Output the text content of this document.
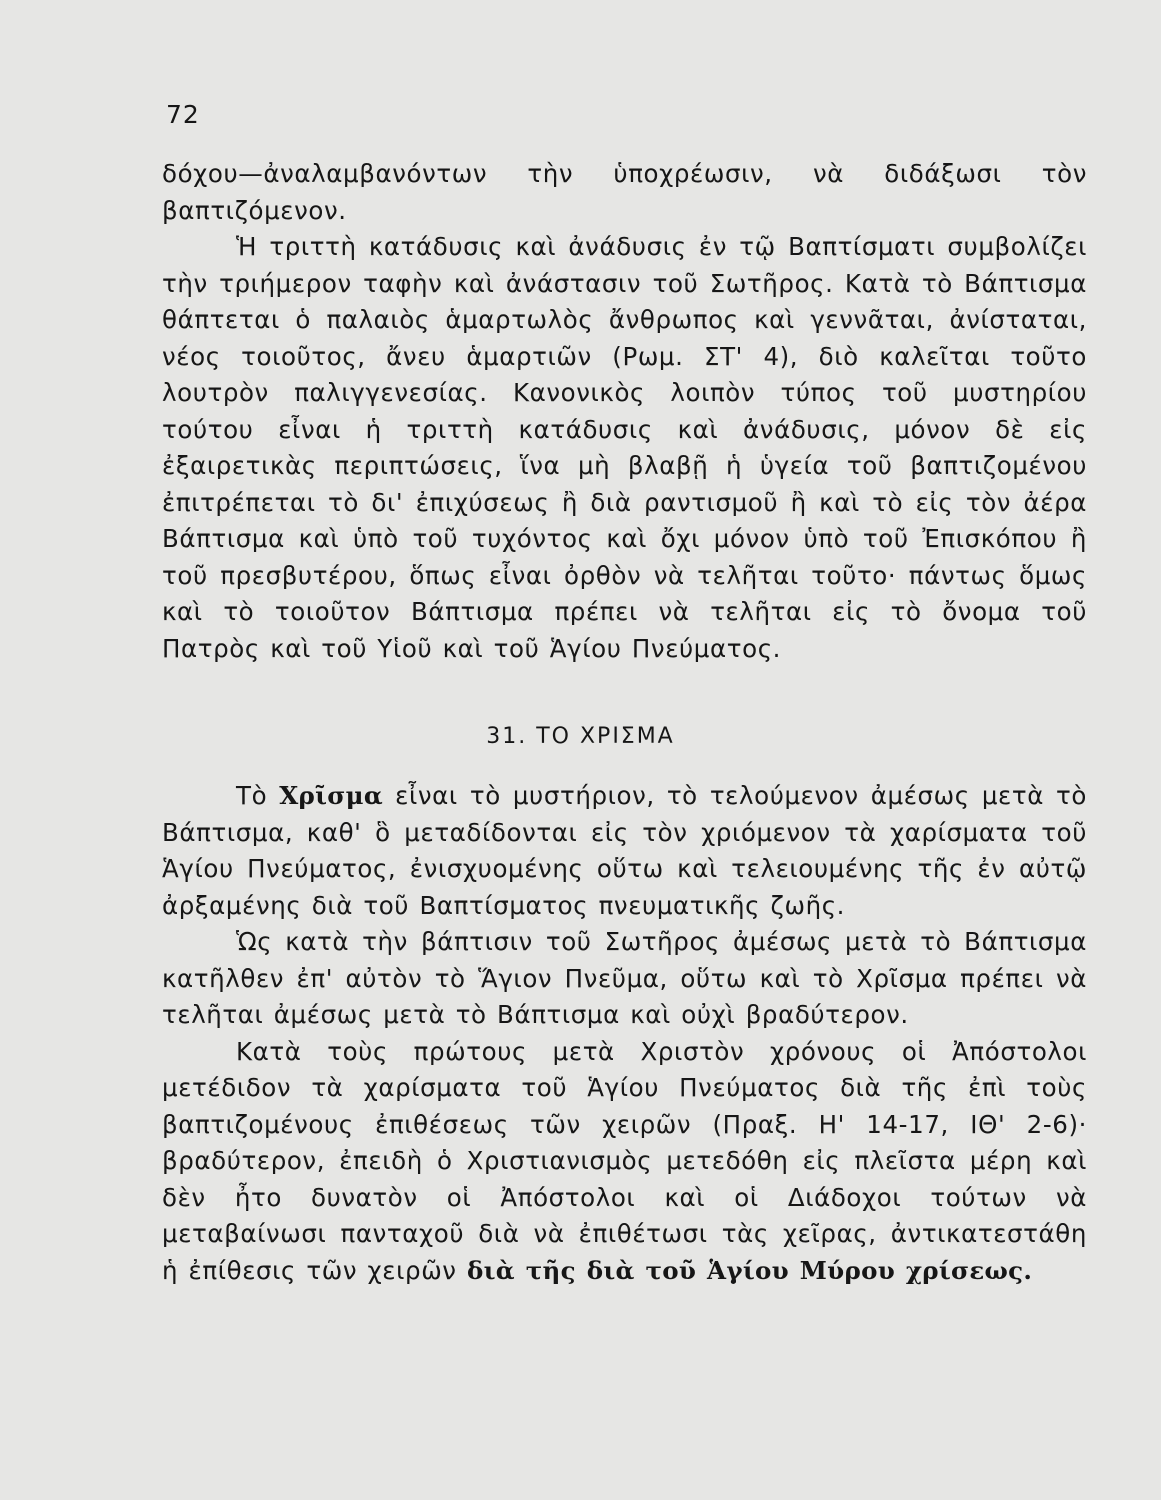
72

δόχου—ἀναλαμβανόντων τὴν ὑποχρέωσιν, νὰ διδάξωσι τὸν βαπτιζόμενον.

Ἡ τριττὴ κατάδυσις καὶ ἀνάδυσις ἐν τῷ Βαπτίσματι συμβολίζει τὴν τριήμερον ταφὴν καὶ ἀνάστασιν τοῦ Σωτῆρος. Κατὰ τὸ Βάπτισμα θάπτεται ὁ παλαιὸς ἁμαρτωλὸς ἄνθρωπος καὶ γεννᾶται, ἀνίσταται, νέος τοιοῦτος, ἄνευ ἁμαρτιῶν (Ρωμ. ΣΤ' 4), διὸ καλεῖται τοῦτο λουτρὸν παλιγγενεσίας. Κανονικὸς λοιπὸν τύπος τοῦ μυστηρίου τούτου εἶναι ἡ τριττὴ κατάδυσις καὶ ἀνάδυσις, μόνον δὲ εἰς ἐξαιρετικὰς περιπτώσεις, ἵνα μὴ βλαβῇ ἡ ὑγεία τοῦ βαπτιζομένου ἐπιτρέπεται τὸ δι' ἐπιχύσεως ἢ διὰ ραντισμοῦ ἢ καὶ τὸ εἰς τὸν ἀέρα Βάπτισμα καὶ ὑπὸ τοῦ τυχόντος καὶ ὄχι μόνον ὑπὸ τοῦ Ἐπισκόπου ἢ τοῦ πρεσβυτέρου, ὅπως εἶναι ὀρθὸν νὰ τελῆται τοῦτο· πάντως ὅμως καὶ τὸ τοιοῦτον Βάπτισμα πρέπει νὰ τελῆται εἰς τὸ ὄνομα τοῦ Πατρὸς καὶ τοῦ Υἱοῦ καὶ τοῦ Ἁγίου Πνεύματος.

31. ΤΟ ΧΡΙΣΜΑ

Τὸ Χρῖσμα εἶναι τὸ μυστήριον, τὸ τελούμενον ἀμέσως μετὰ τὸ Βάπτισμα, καθ' ὃ μεταδίδονται εἰς τὸν χριόμενον τὰ χαρίσματα τοῦ Ἁγίου Πνεύματος, ἐνισχυομένης οὕτω καὶ τελειουμένης τῆς ἐν αὐτῷ ἀρξαμένης διὰ τοῦ Βαπτίσματος πνευματικῆς ζωῆς.

Ὡς κατὰ τὴν βάπτισιν τοῦ Σωτῆρος ἀμέσως μετὰ τὸ Βάπτισμα κατῆλθεν ἐπ' αὐτὸν τὸ Ἅγιον Πνεῦμα, οὕτω καὶ τὸ Χρῖσμα πρέπει νὰ τελῆται ἀμέσως μετὰ τὸ Βάπτισμα καὶ οὐχὶ βραδύτερον.

Κατὰ τοὺς πρώτους μετὰ Χριστὸν χρόνους οἱ Ἀπόστολοι μετέδιδον τὰ χαρίσματα τοῦ Ἁγίου Πνεύματος διὰ τῆς ἐπὶ τοὺς βαπτιζομένους ἐπιθέσεως τῶν χειρῶν (Πραξ. Η' 14-17, ΙΘ' 2-6)· βραδύτερον, ἐπειδὴ ὁ Χριστιανισμὸς μετεδόθη εἰς πλεῖστα μέρη καὶ δὲν ἦτο δυνατὸν οἱ Ἀπόστολοι καὶ οἱ Διάδοχοι τούτων νὰ μεταβαίνωσι πανταχοῦ διὰ νὰ ἐπιθέτωσι τὰς χεῖρας, ἀντικατεστάθη ἡ ἐπίθεσις τῶν χειρῶν διὰ τῆς διὰ τοῦ Ἁγίου Μύρου χρίσεως.
